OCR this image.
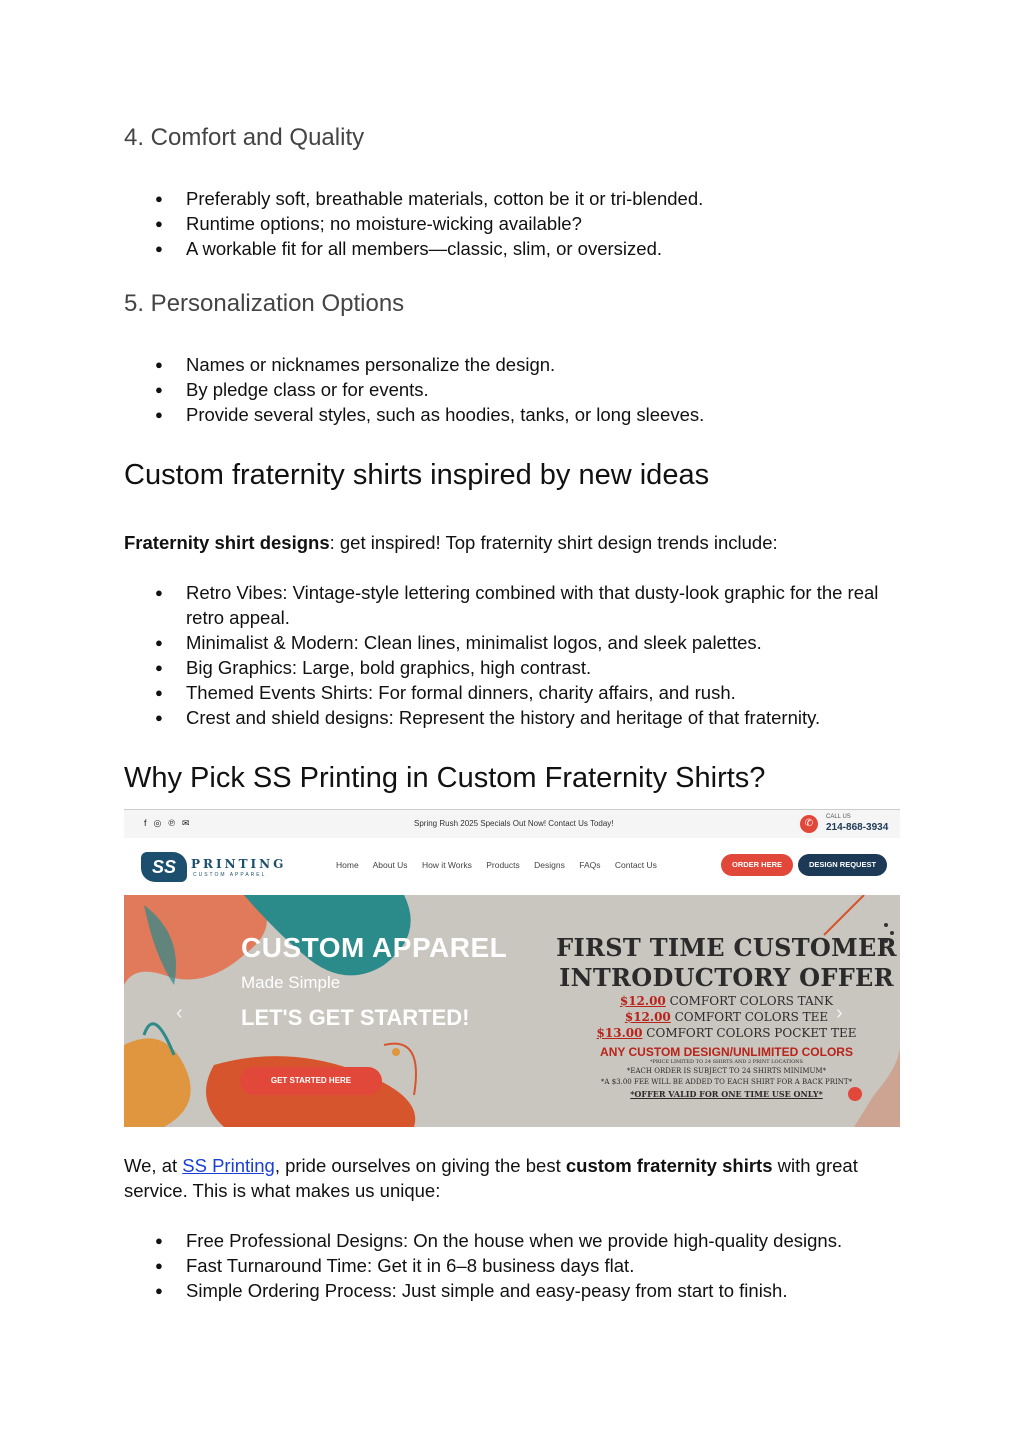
4. Comfort and Quality
● Preferably soft, breathable materials, cotton be it or tri-blended.
● Runtime options; no moisture-wicking available?
● A workable fit for all members—classic, slim, or oversized.
5. Personalization Options
● Names or nicknames personalize the design.
● By pledge class or for events.
● Provide several styles, such as hoodies, tanks, or long sleeves.
Custom fraternity shirts inspired by new ideas

Fraternity shirt designs: get inspired! Top fraternity shirt design trends include:

● Retro Vibes: Vintage-style lettering combined with that dusty-look graphic for the real retro appeal.
● Minimalist & Modern: Clean lines, minimalist logos, and sleek palettes.
● Big Graphics: Large, bold graphics, high contrast.
● Themed Events Shirts: For formal dinners, charity affairs, and rush.
● Crest and shield designs: Represent the history and heritage of that fraternity.
Why Pick SS Printing in Custom Fraternity Shirts?

We, at SS Printing, pride ourselves on giving the best custom fraternity shirts with great service. This is what makes us unique:

● Free Professional Designs: On the house when we provide high-quality designs.
● Fast Turnaround Time: Get it in 6–8 business days flat.
● Simple Ordering Process: Just simple and easy-peasy from start to finish.
f◎℗✉	Spring Rush 2025 Specials Out Now! Contact Us Today!	✆
CALL US
214-868-3934
SS	PRINTING
CUSTOM APPAREL
Home About Us How it Works Products Designs FAQs Contact Us	ORDER HERE	DESIGN REQUEST
CUSTOM APPAREL
Made Simple
LET'S GET STARTED!
GET STARTED HERE
‹	›
FIRST TIME CUSTOMER
INTRODUCTORY OFFER
$12.00 COMFORT COLORS TANK
$12.00 COMFORT COLORS TEE
$13.00 COMFORT COLORS POCKET TEE
ANY CUSTOM DESIGN/UNLIMITED COLORS
*PRICE LIMITED TO 24 SHIRTS AND 2 PRINT LOCATIONS
*EACH ORDER IS SUBJECT TO 24 SHIRTS MINIMUM*
*A $3.00 FEE WILL BE ADDED TO EACH SHIRT FOR A BACK PRINT*
*OFFER VALID FOR ONE TIME USE ONLY*
